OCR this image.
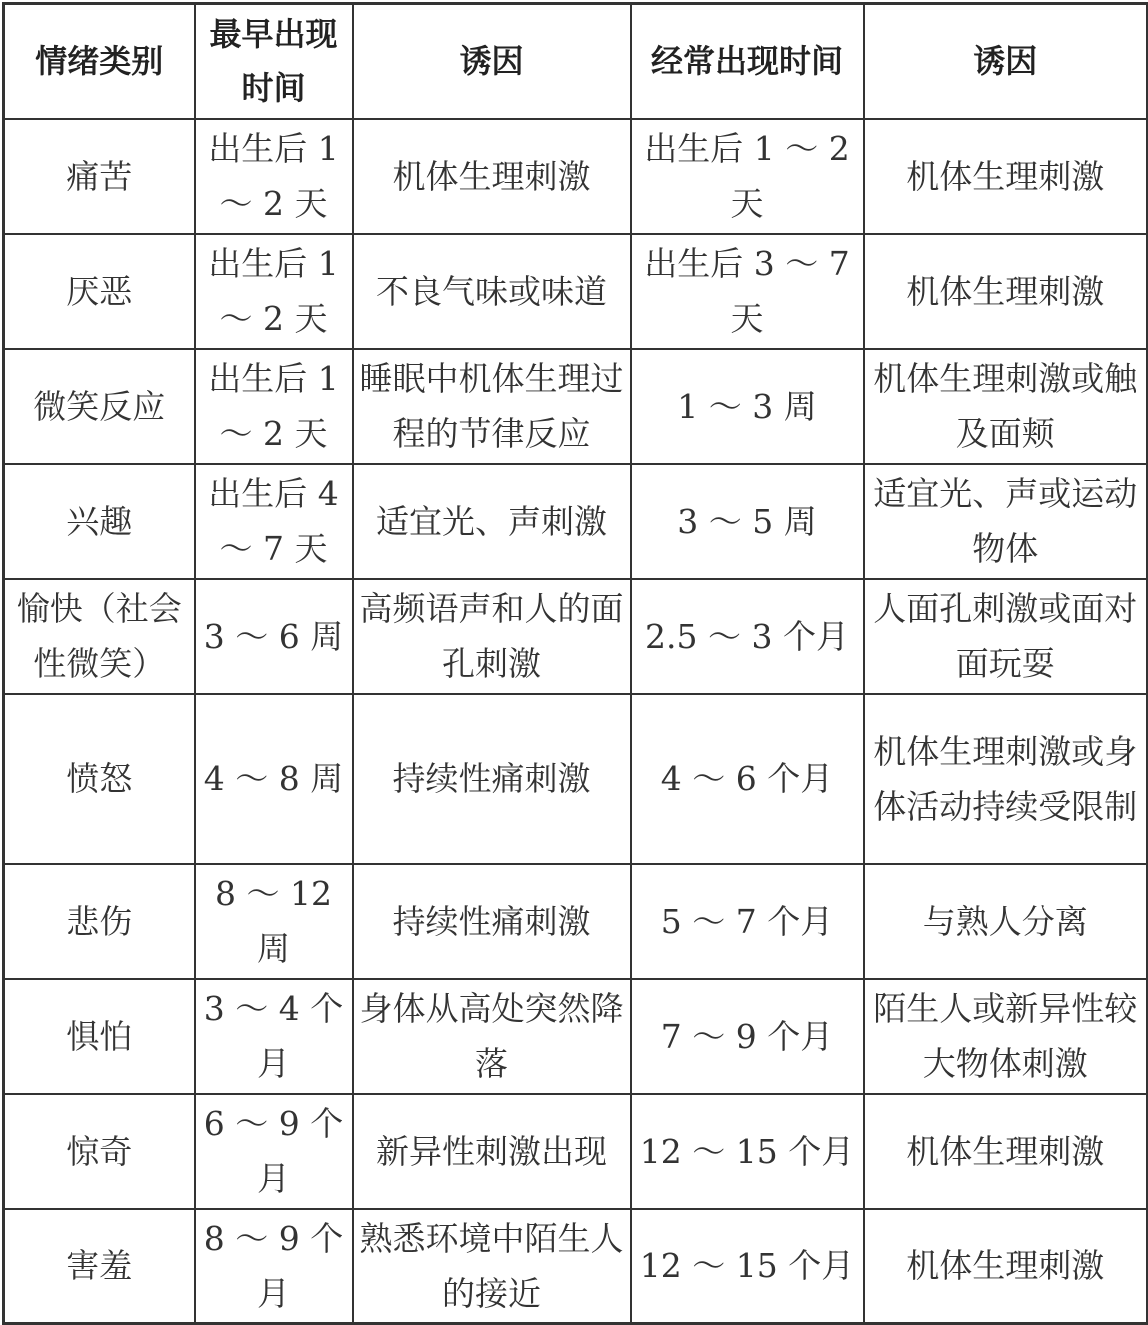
情绪类别	最早出现时间	诱因	经常出现时间	诱因
痛苦	出生后 1 ～ 2 天	机体生理刺激	出生后 1 ～ 2 天	机体生理刺激
厌恶	出生后 1 ～ 2 天	不良气味或味道	出生后 3 ～ 7 天	机体生理刺激
微笑反应	出生后 1 ～ 2 天	睡眠中机体生理过程的节律反应	1 ～ 3 周	机体生理刺激或触及面颊
兴趣	出生后 4 ～ 7 天	适宜光、声刺激	3 ～ 5 周	适宜光、声或运动物体
愉快（社会性微笑）	3 ～ 6 周	高频语声和人的面孔刺激	2.5 ～ 3 个月	人面孔刺激或面对面玩耍
愤怒	4 ～ 8 周	持续性痛刺激	4 ～ 6 个月	机体生理刺激或身体活动持续受限制
悲伤	8 ～ 12 周	持续性痛刺激	5 ～ 7 个月	与熟人分离
惧怕	3 ～ 4 个月	身体从高处突然降落	7 ～ 9 个月	陌生人或新异性较大物体刺激
惊奇	6 ～ 9 个月	新异性刺激出现	12 ～ 15 个月	机体生理刺激
害羞	8 ～ 9 个月	熟悉环境中陌生人的接近	12 ～ 15 个月	机体生理刺激
